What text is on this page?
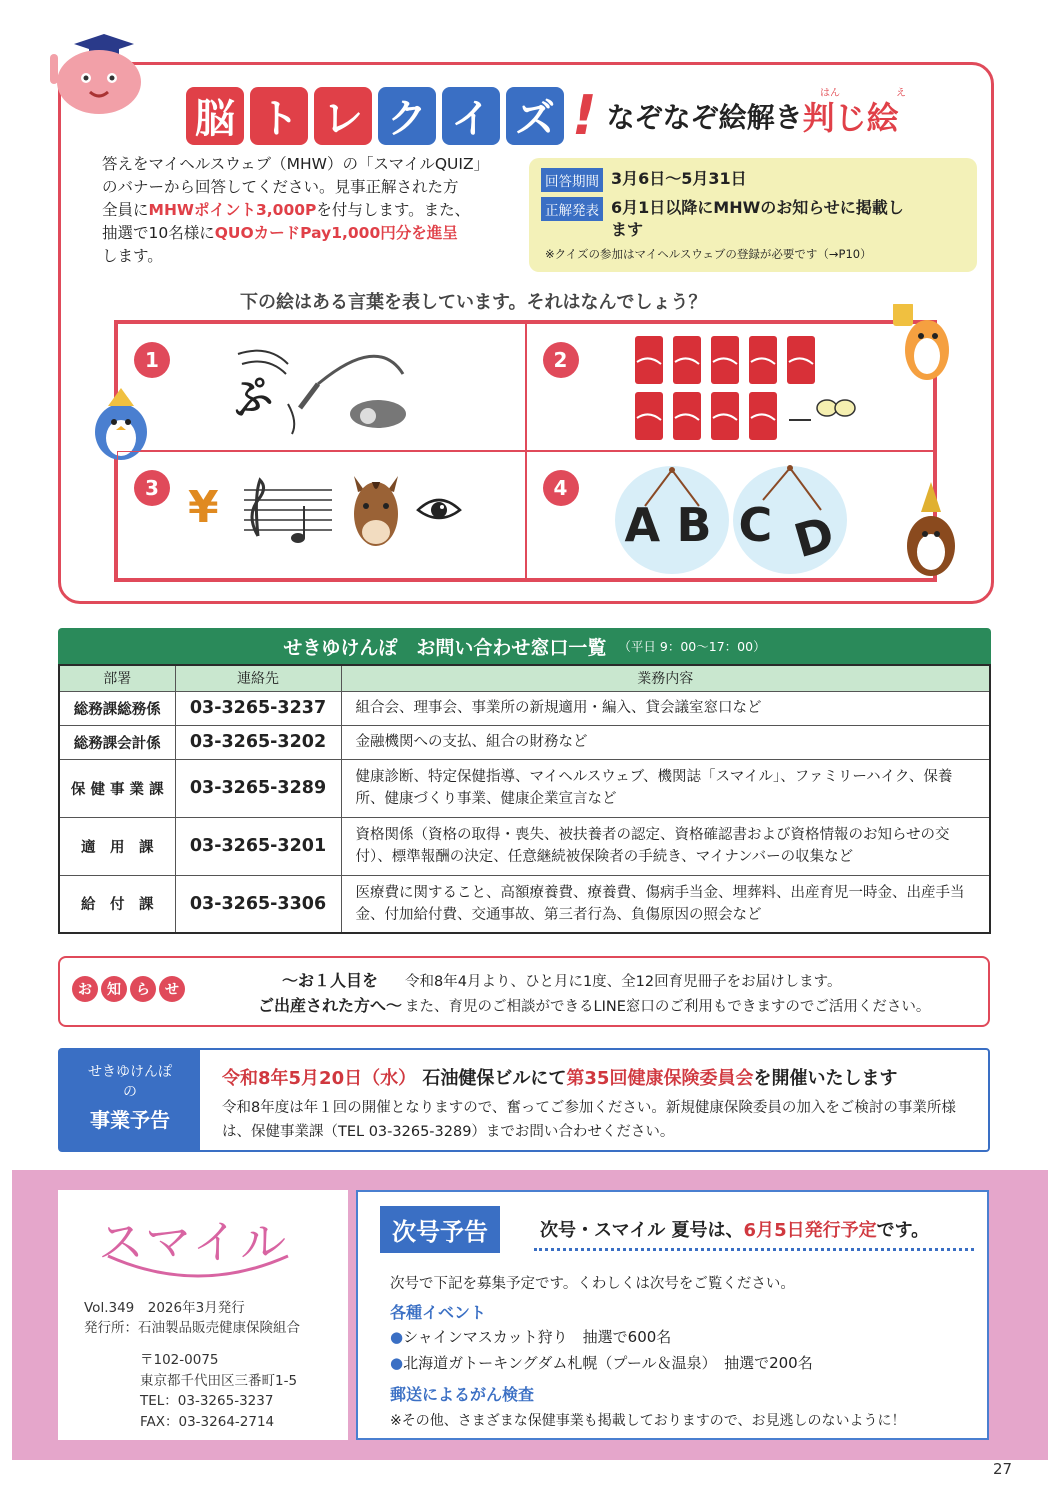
脳 ト レ ク イ ズ ! なぞなぞ絵解き 判じ絵
はん	え
答えをマイヘルスウェブ（MHW）の「スマイルQUIZ」
のバナーから回答してください。見事正解された方
全員にMHWポイント3,000Pを付与します。また、
抽選で10名様にQUOカードPay1,000円分を進呈
します。
回答期間 3月6日～5月31日
正解発表 6月1日以降にMHWのお知らせに掲載します
※クイズの参加はマイヘルスウェブの登録が必要です（→P10）
下の絵はある言葉を表しています。それはなんでしょう？
1
ぷ
2
3 ¥	4
A B C D
せきゆけんぽ　お問い合わせ窓口一覧 （平日 9：00～17：00）
部署	連絡先	業務内容
総務課総務係	03-3265-3237	組合会、理事会、事業所の新規適用・編入、貸会議室窓口など
総務課会計係	03-3265-3202	金融機関への支払、組合の財務など
保 健 事 業 課	03-3265-3289	健康診断、特定保健指導、マイヘルスウェブ、機関誌「スマイル」、ファミリーハイク、保養所、健康づくり事業、健康企業宣言など
適　用　課	03-3265-3201	資格関係（資格の取得・喪失、被扶養者の認定、資格確認書および資格情報のお知らせの交付）、標準報酬の決定、任意継続被保険者の手続き、マイナンバーの収集など
給　付　課	03-3265-3306	医療費に関すること、高額療養費、療養費、傷病手当金、埋葬料、出産育児一時金、出産手当金、付加給付費、交通事故、第三者行為、負傷原因の照会など
お	知	ら	せ	～お１人目を
ご出産された方へ～
令和8年4月より、ひと月に1度、全12回育児冊子をお届けします。
また、育児のご相談ができるLINE窓口のご利用もできますのでご活用ください。
せきゆけんぽ
の
事業予告
令和8年5月20日（水） 石油健保ビルにて第35回健康保険委員会を開催いたします
令和8年度は年１回の開催となりますので、奮ってご参加ください。新規健康保険委員の加入をご検討の事業所様は、保健事業課（TEL 03-3265-3289）までお問い合わせください。
スマイル
Vol.349　2026年3月発行
発行所：石油製品販売健康保険組合
〒102-0075
東京都千代田区三番町1-5
TEL：03-3265-3237
FAX：03-3264-2714
次号予告	次号・スマイル 夏号は、6月5日発行予定です。
次号で下記を募集予定です。くわしくは次号をご覧ください。
各種イベント
●シャインマスカット狩り　抽選で600名
●北海道ガトーキングダム札幌（プール＆温泉）　抽選で200名
郵送によるがん検査
※その他、さまざまな保健事業も掲載しておりますので、お見逃しのないように！
27
